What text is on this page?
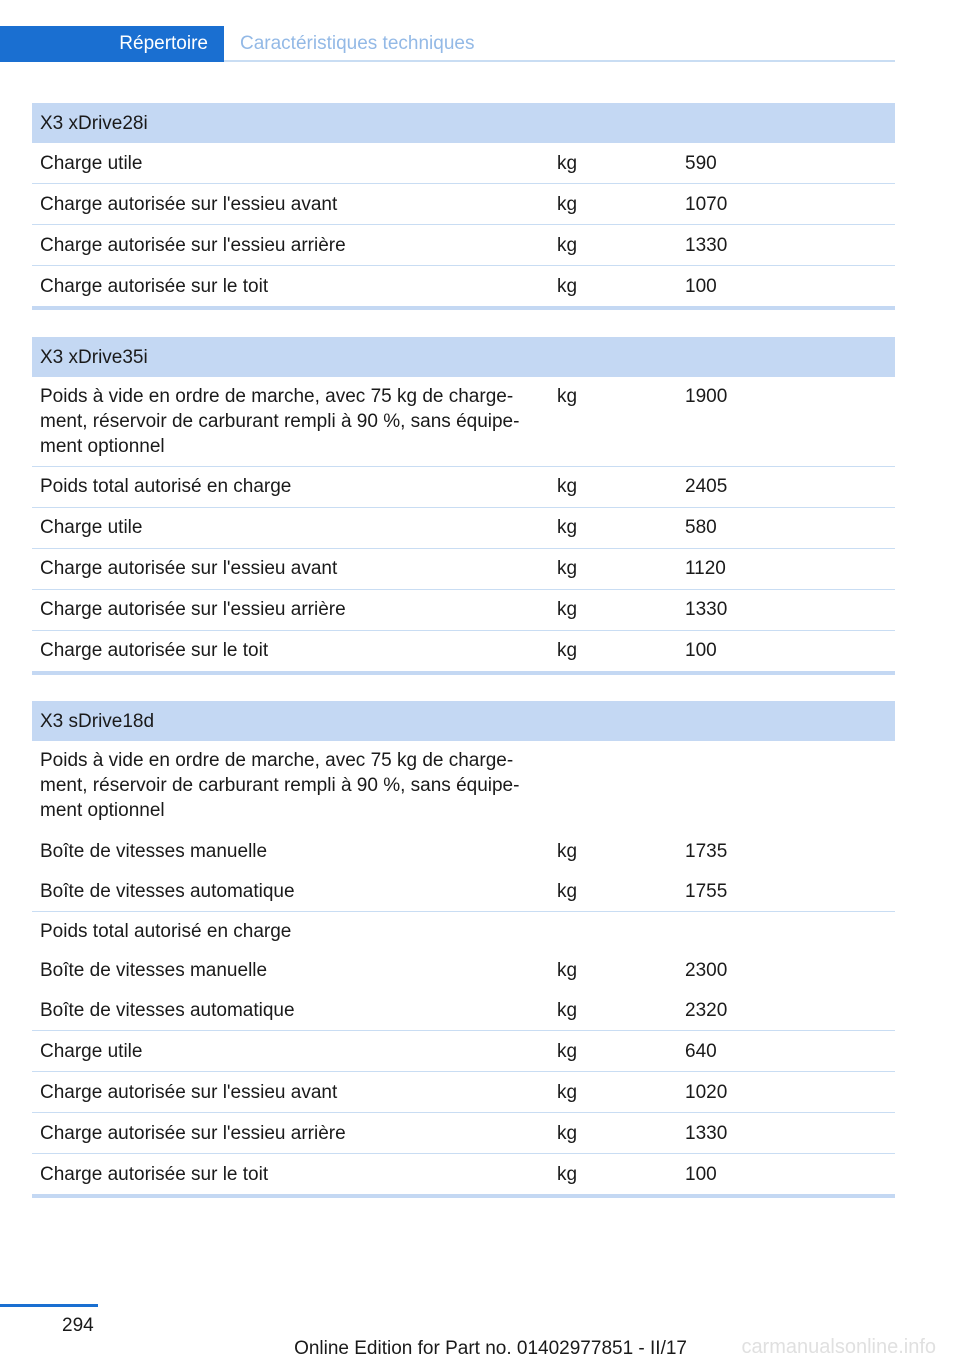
Répertoire	Caractéristiques techniques
X3 xDrive28i		
Charge utile	kg	590
Charge autorisée sur l'essieu avant	kg	1070
Charge autorisée sur l'essieu arrière	kg	1330
Charge autorisée sur le toit	kg	100
X3 xDrive35i		
Poids à vide en ordre de marche, avec 75 kg de charge-
ment, réservoir de carburant rempli à 90 %, sans équipe-
ment optionnel	kg	1900
Poids total autorisé en charge	kg	2405
Charge utile	kg	580
Charge autorisée sur l'essieu avant	kg	1120
Charge autorisée sur l'essieu arrière	kg	1330
Charge autorisée sur le toit	kg	100
X3 sDrive18d		
Poids à vide en ordre de marche, avec 75 kg de charge-
ment, réservoir de carburant rempli à 90 %, sans équipe-
ment optionnel		
Boîte de vitesses manuelle	kg	1735
Boîte de vitesses automatique	kg	1755
Poids total autorisé en charge		
Boîte de vitesses manuelle	kg	2300
Boîte de vitesses automatique	kg	2320
Charge utile	kg	640
Charge autorisée sur l'essieu avant	kg	1020
Charge autorisée sur l'essieu arrière	kg	1330
Charge autorisée sur le toit	kg	100
294
Online Edition for Part no. 01402977851 - II/17	carmanualsonline.info
